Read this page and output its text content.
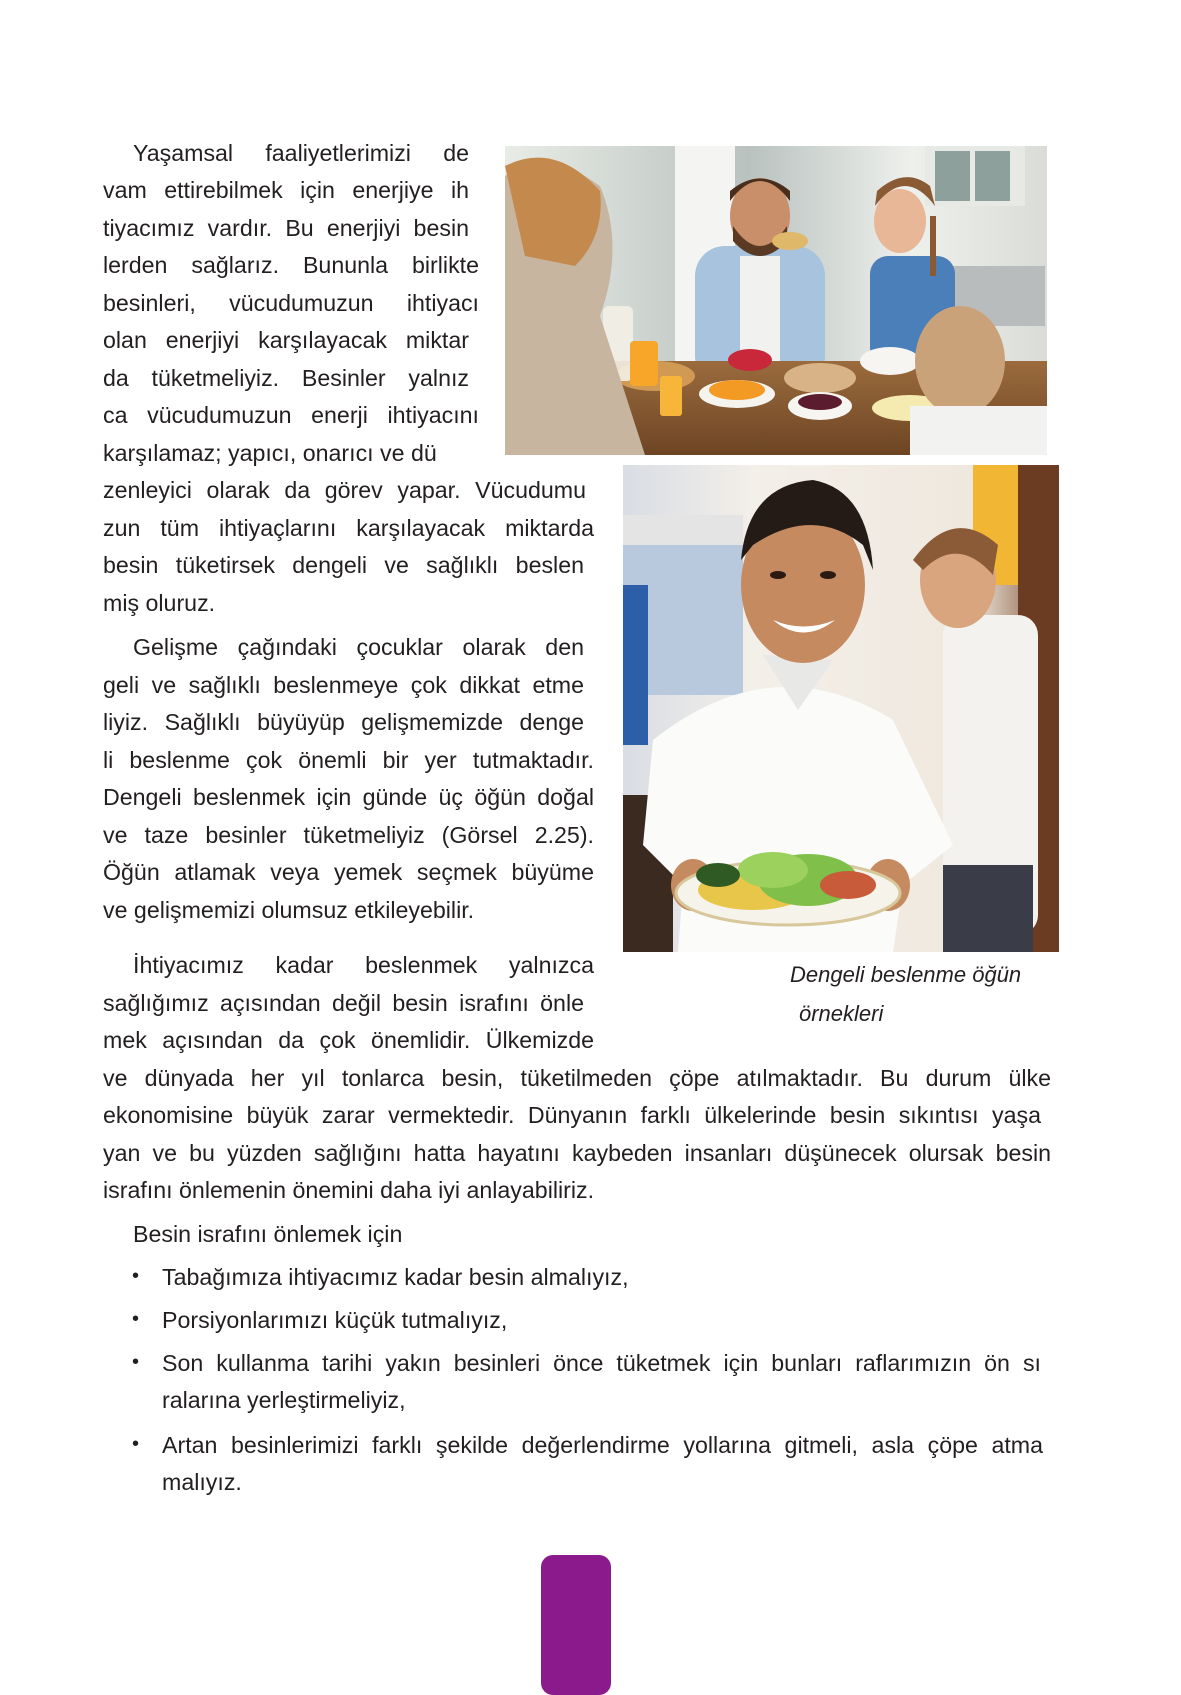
Yaşamsal faaliyetlerimizi de
vam ettirebilmek için enerjiye ih
tiyacımız vardır. Bu enerjiyi besin
lerden sağlarız. Bununla birlikte
besinleri, vücudumuzun ihtiyacı
olan enerjiyi karşılayacak miktar
da tüketmeliyiz. Besinler yalnız
ca vücudumuzun enerji ihtiyacını
karşılamaz; yapıcı, onarıcı ve dü
zenleyici olarak da görev yapar. Vücudumu
zun tüm ihtiyaçlarını karşılayacak miktarda
besin tüketirsek dengeli ve sağlıklı beslen
miş oluruz.
Gelişme çağındaki çocuklar olarak den
geli ve sağlıklı beslenmeye çok dikkat etme
liyiz. Sağlıklı büyüyüp gelişmemizde denge
li beslenme çok önemli bir yer tutmaktadır.
Dengeli beslenmek için günde üç öğün doğal
ve taze besinler tüketmeliyiz (Görsel 2.25).
Öğün atlamak veya yemek seçmek büyüme
ve gelişmemizi olumsuz etkileyebilir.
Dengeli beslenme öğün
örnekleri
İhtiyacımız kadar beslenmek yalnızca
sağlığımız açısından değil besin israfını önle
mek açısından da çok önemlidir. Ülkemizde
ve dünyada her yıl tonlarca besin, tüketilmeden çöpe atılmaktadır. Bu durum ülke
ekonomisine büyük zarar vermektedir. Dünyanın farklı ülkelerinde besin sıkıntısı yaşa
yan ve bu yüzden sağlığını hatta hayatını kaybeden insanları düşünecek olursak besin
israfını önlemenin önemini daha iyi anlayabiliriz.
Besin israfını önlemek için
• Tabağımıza ihtiyacımız kadar besin almalıyız,
• Porsiyonlarımızı küçük tutmalıyız,
• Son kullanma tarihi yakın besinleri önce tüketmek için bunları raflarımızın ön sı
ralarına yerleştirmeliyiz,
• Artan besinlerimizi farklı şekilde değerlendirme yollarına gitmeli, asla çöpe atma
malıyız.
